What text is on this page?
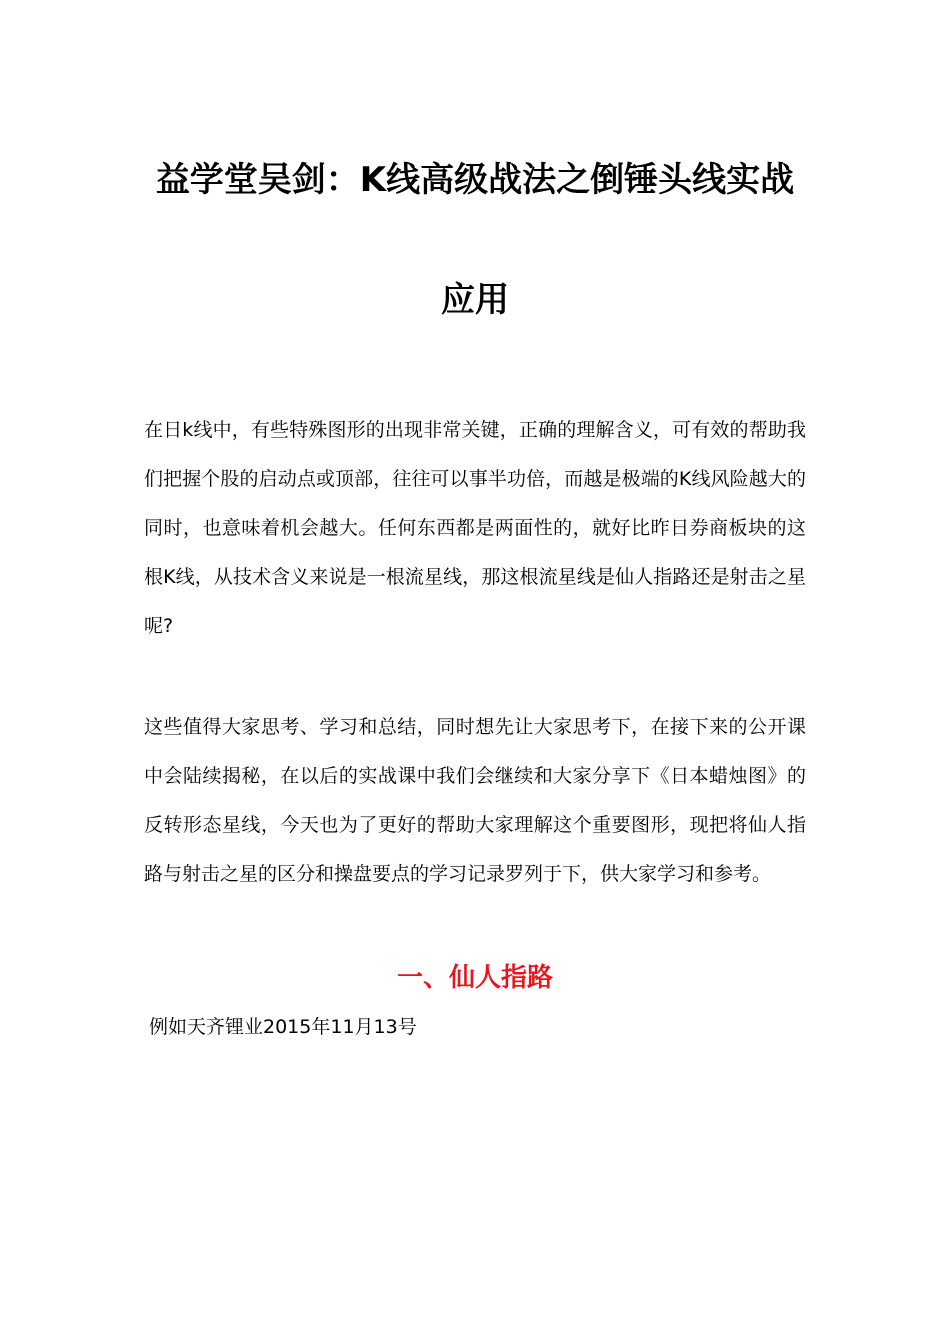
益学堂吴剑：K线高级战法之倒锤头线实战
应用
在日k线中，有些特殊图形的出现非常关键，正确的理解含义，可有效的帮助我们把握个股的启动点或顶部，往往可以事半功倍，而越是极端的K线风险越大的同时，也意味着机会越大。任何东西都是两面性的，就好比昨日券商板块的这根K线，从技术含义来说是一根流星线，那这根流星线是仙人指路还是射击之星呢?
这些值得大家思考、学习和总结，同时想先让大家思考下，在接下来的公开课中会陆续揭秘，在以后的实战课中我们会继续和大家分享下《日本蜡烛图》的反转形态星线，今天也为了更好的帮助大家理解这个重要图形，现把将仙人指路与射击之星的区分和操盘要点的学习记录罗列于下，供大家学习和参考。
一、仙人指路
例如天齐锂业2015年11月13号
